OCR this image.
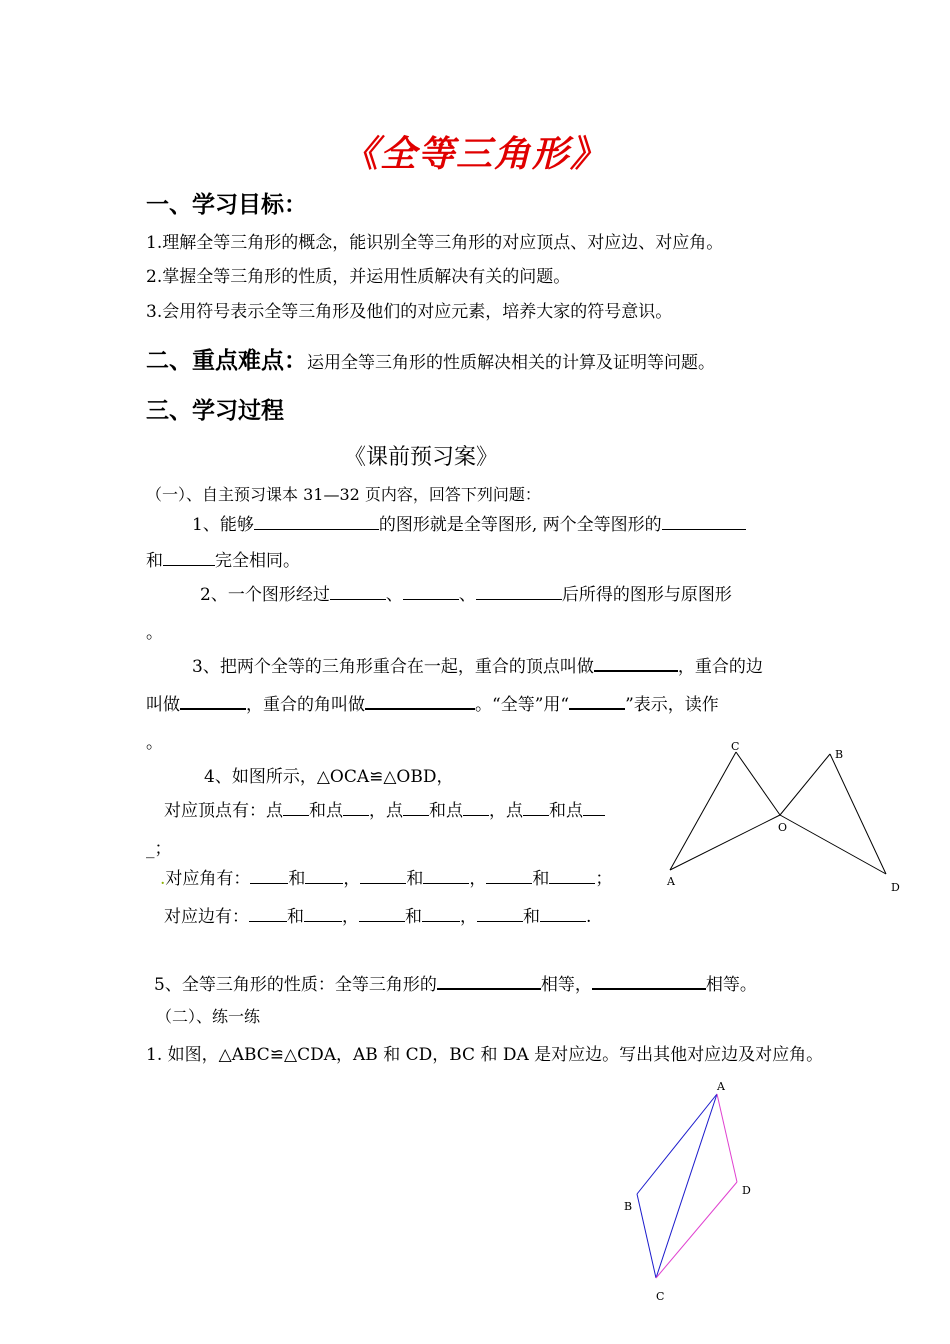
《全等三角形》
一、学习目标：
1.理解全等三角形的概念，能识别全等三角形的对应顶点、对应边、对应角。
2.掌握全等三角形的性质，并运用性质解决有关的问题。
3.会用符号表示全等三角形及他们的对应元素，培养大家的符号意识。
二、重点难点：运用全等三角形的性质解决相关的计算及证明等问题。
三、学习过程
《课前预习案》
（一）、自主预习课本 31—32 页内容，回答下列问题：
1、能够	的图形就是全等图形, 两个全等图形的
和	完全相同。
2、一个图形经过	、	、	后所得的图形与原图形
。
3、把两个全等的三角形重合在一起，重合的顶点叫做	，重合的边
叫做	，重合的角叫做	。“全等”用“	”表示，读作
。
4、如图所示，△OCA≌△OBD，
对应顶点有：点 和点 ，点 和点 ，点 和点
_；
.对应角有： 和 ，	和	，	和	；
对应边有： 和 ，	和 ，	和	.
5、全等三角形的性质：全等三角形的	相等，	相等。
（二）、练一练
1. 如图，△ABC≌△CDA，AB 和 CD，BC 和 DA 是对应边。写出其他对应边及对应角。
C
B
O
A	D
A
B
D
C
